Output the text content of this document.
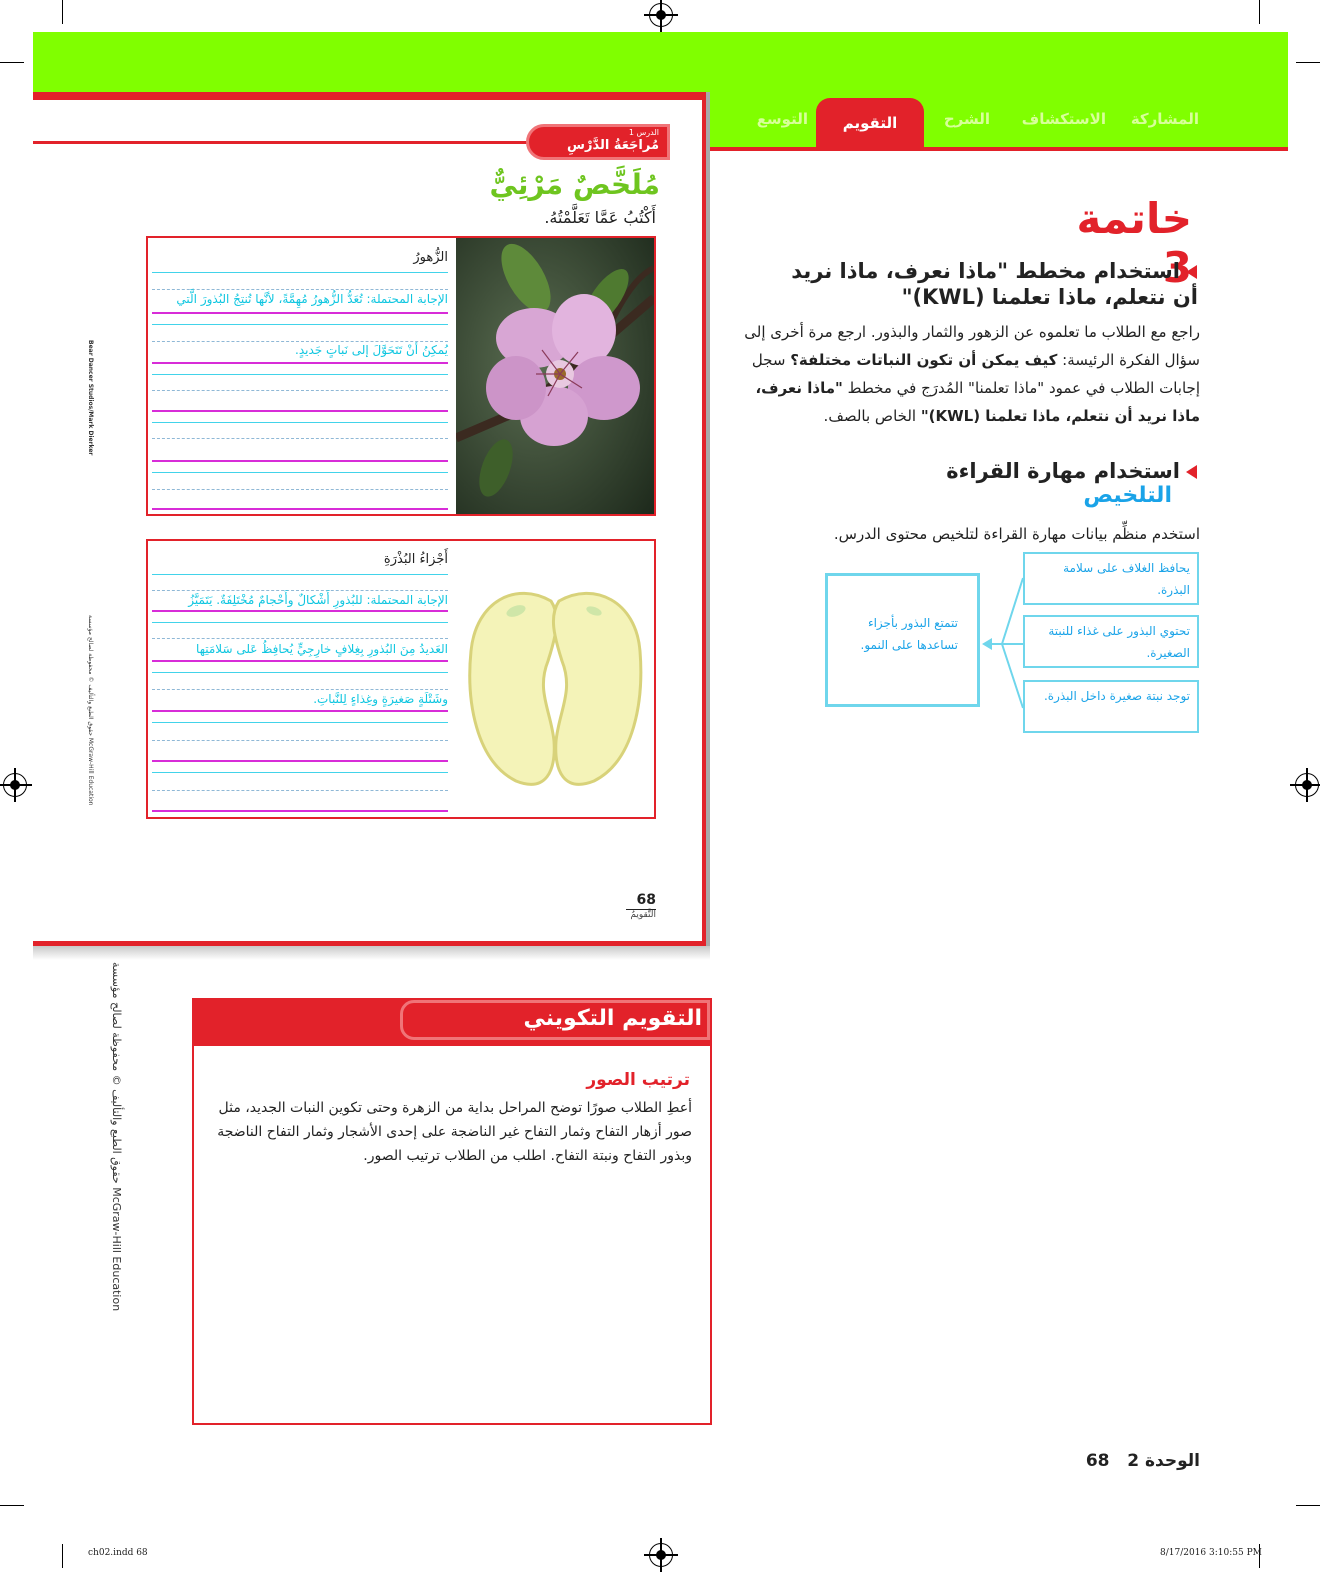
التوسع	التقويم	الشرح الاستكشاف المشاركة
الدرس 1
مُراجَعَةُ الدَّرْسِ
مُلَخَّصٌ مَرْئِيٌّ
أَكْتُبُ عَمَّا تَعَلَّمْتُهُ.
الزُّهورُ
الإجابة المحتملة: تُعَدُّ الزُّهورُ مُهِمَّةً، لأنَّها تُنتِجُ البُذورَ الَّتي
يُمكِنُ أنْ تَتَحَوَّلَ إلى نَباتٍ جَديدٍ.
أَجْزاءُ البُذْرَةِ
الإجابة المحتملة: للبُذورِ أَشْكالٌ وأَحْجامٌ مُخْتَلِفَةٌ. يَتَمَيَّزُ
العَديدُ مِنَ البُذورِ بِغِلافٍ خارِجِيٍّ يُحافِظُ عَلى سَلامَتِها
وشَتْلَةٍ صَغيرَةٍ وغِذاءٍ لِلنَّباتِ.
68
التَّقويمُ
Bear Dancer Studios/Mark Dierker
حقوق الطبع والتأليف © محفوظة لصالح مؤسسة McGraw-Hill Education
حقوق الطبع والتأليف © محفوظة لصالح مؤسسة McGraw-Hill Education
خاتمة 3
استخدام مخطط "ماذا نعرف، ماذا نريد
أن نتعلم، ماذا تعلمنا (KWL)"
راجع مع الطلاب ما تعلموه عن الزهور والثمار والبذور. ارجع مرة أخرى إلى سؤال الفكرة الرئيسة: كيف يمكن أن تكون النباتات مختلفة؟ سجل إجابات الطلاب في عمود "ماذا تعلمنا" المُدرَج في مخطط "ماذا نعرف، ماذا نريد أن نتعلم، ماذا تعلمنا (KWL)" الخاص بالصف.
استخدام مهارة القراءة
التلخيص
استخدم منظِّم بيانات مهارة القراءة لتلخيص محتوى الدرس.
تتمتع البذور بأجزاء تساعدها على النمو.
يحافظ الغلاف على سلامة البذرة.
تحتوي البذور على غذاء للنبتة الصغيرة.
توجد نبتة صغيرة داخل البذرة.
التقويم التكويني
ترتيب الصور
أعطِ الطلاب صورًا توضح المراحل بداية من الزهرة وحتى تكوين النبات الجديد، مثل صور أزهار التفاح وثمار التفاح غير الناضجة على إحدى الأشجار وثمار التفاح الناضجة وبذور التفاح ونبتة التفاح. اطلب من الطلاب ترتيب الصور.
الوحدة 2   68
ch02.indd 68	8/17/2016 3:10:55 PM
